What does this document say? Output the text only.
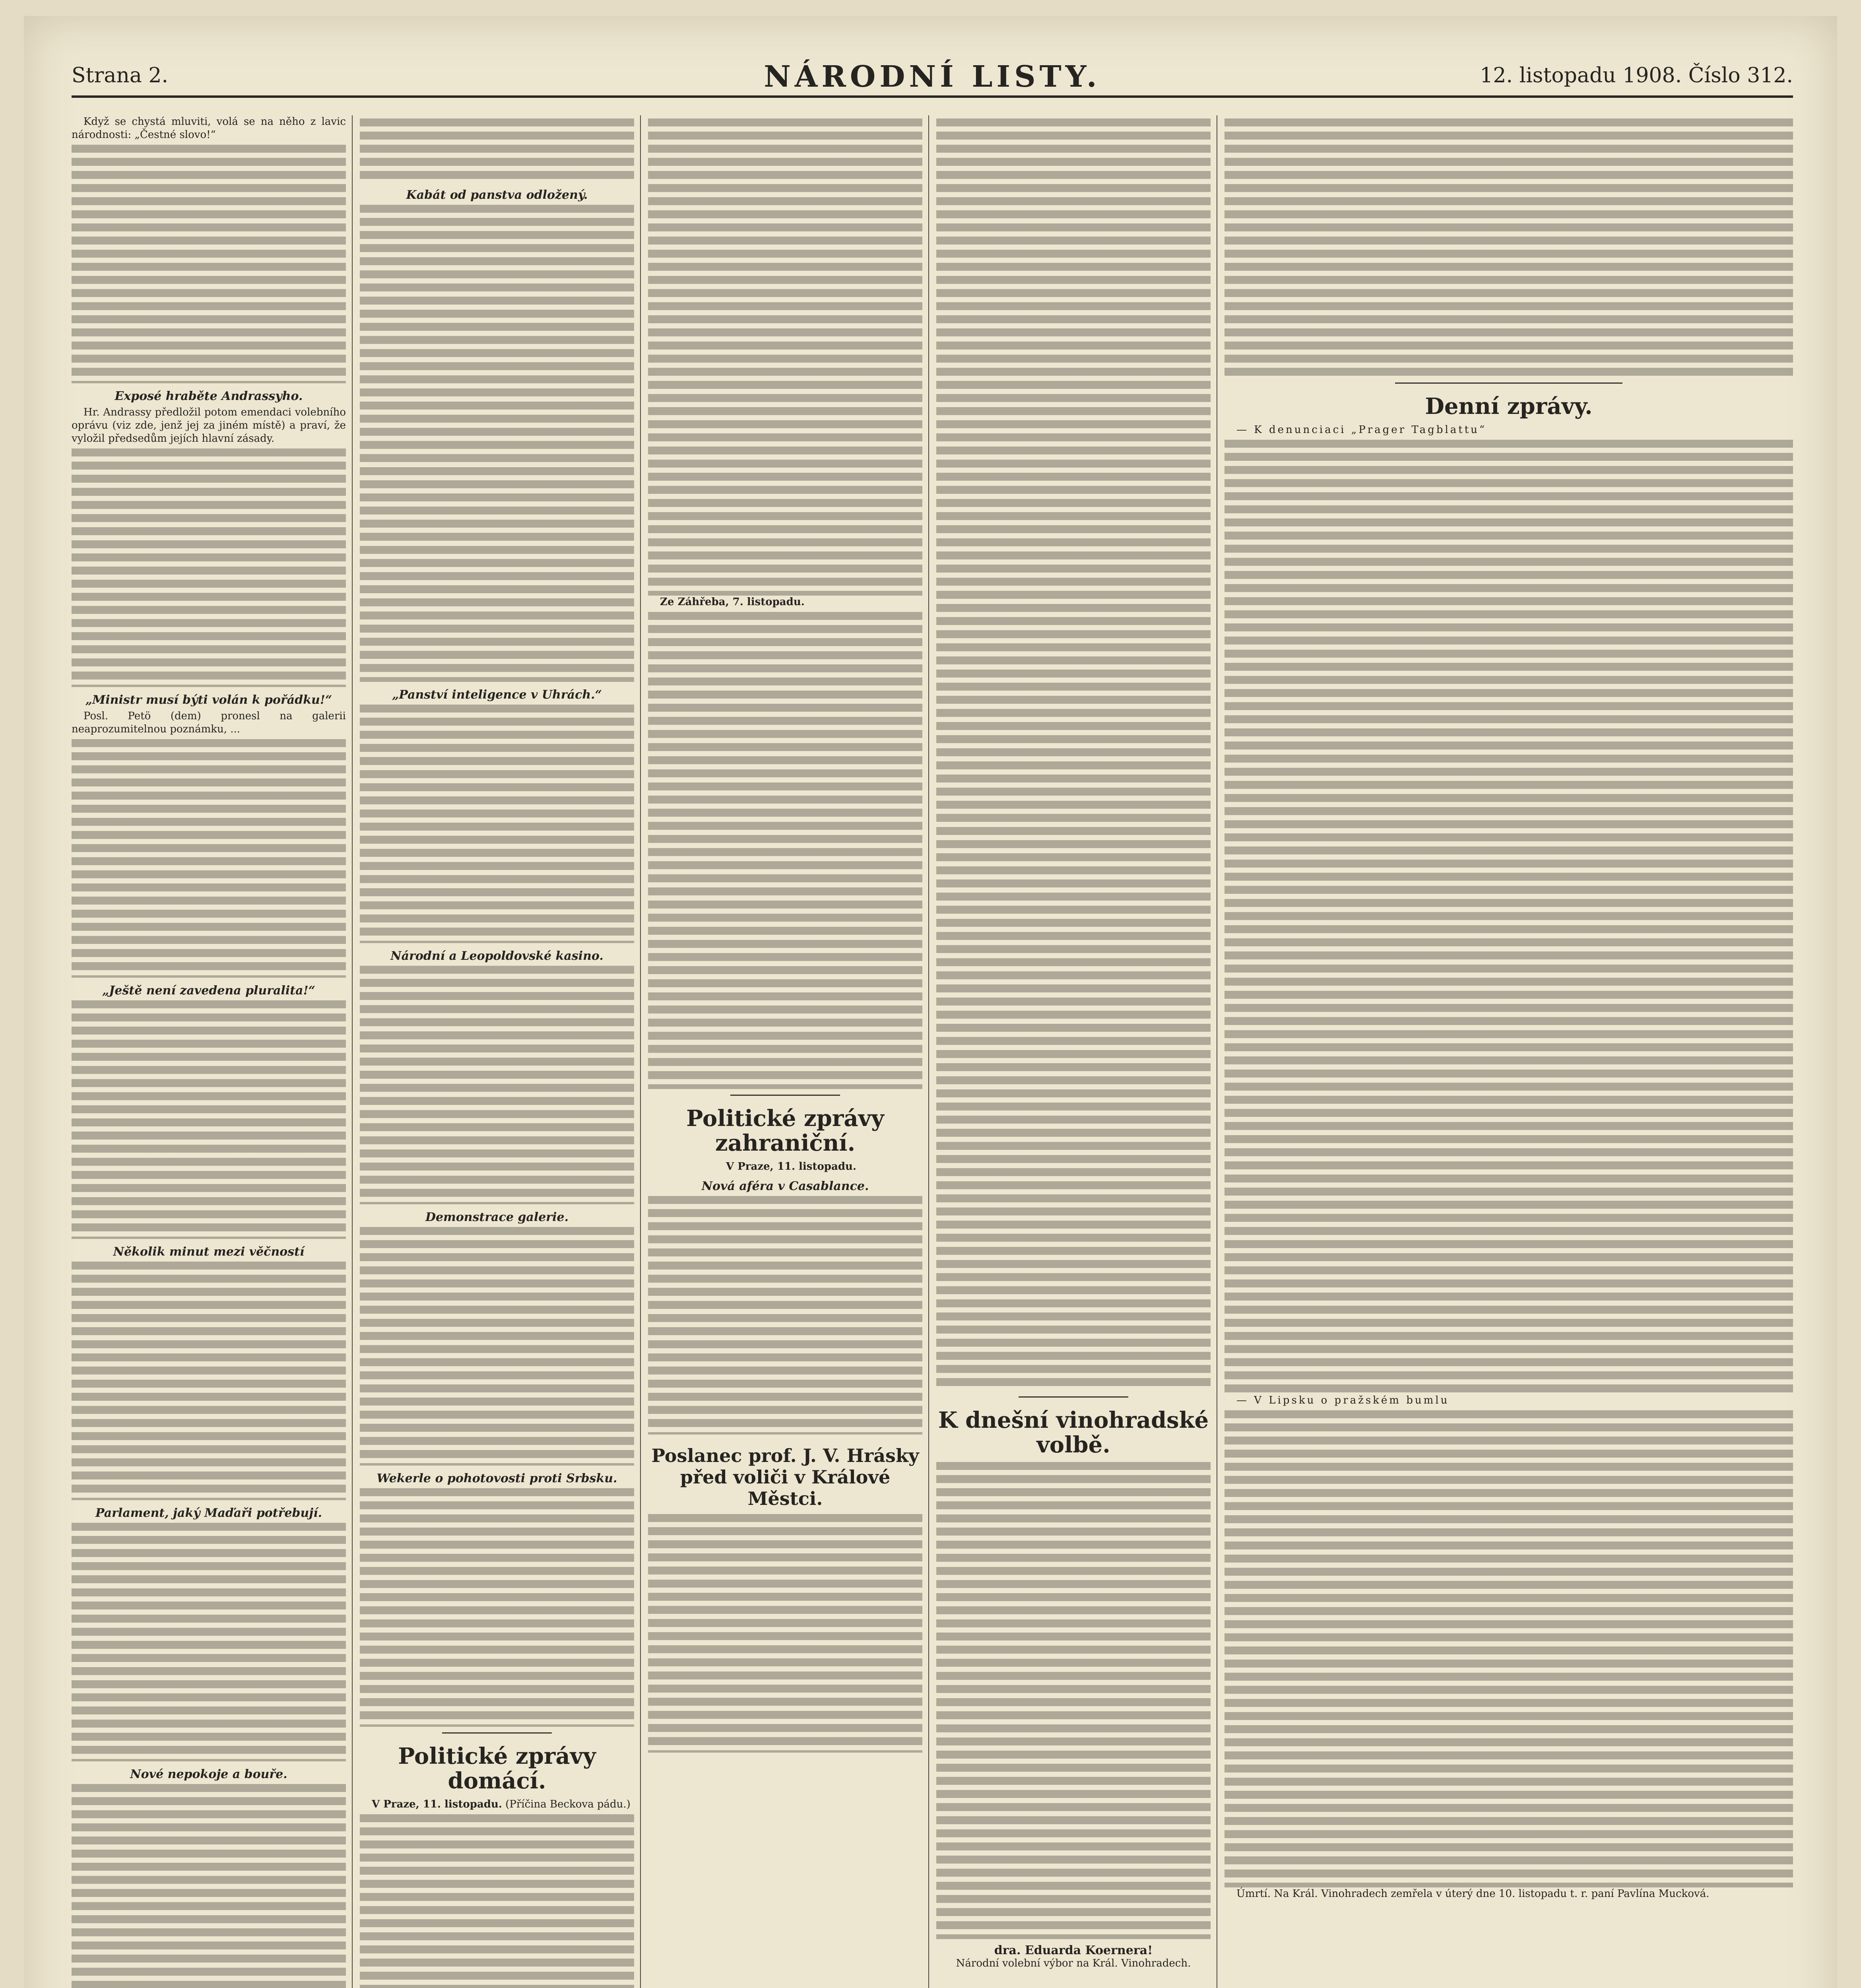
Strana 2.	NÁRODNÍ LISTY.	12. listopadu 1908. Číslo 312.

Když se chystá mluviti, volá se na něho z lavic národnosti: „Čestné slovo!“

Exposé hraběte Andrassyho.

Hr. Andrassy předložil potom emendaci volebního oprávu (viz zde, jenž jej za jiném místě) a praví, že vyložil předsedům jejích hlavní zásady.

„Ministr musí býti volán k pořádku!“

Posl. Petö (dem) pronesl na galerii neaprozumitelnou poznámku, ...

„Ještě není zavedena pluralita!“
Několik minut mezi věčností
Parlament, jaký Maďaři potřebují.
Nové nepokoje a bouře.
Kabát od panstva odložený.
„Panství inteligence v Uhrách.“
Národní a Leopoldovské kasino.
Demonstrace galerie.
Wekerle o pohotovosti proti Srbsku.
Politické zprávy domácí.

V Praze, 11. listopadu. (Příčina Beckova pádu.)

Ze Záhřeba, 7. listopadu.

Politické zprávy zahraniční.

V Praze, 11. listopadu.

Nová aféra v Casablance.
Poslanec prof. J. V. Hrásky před voliči v Králové Městci.
K dnešní vinohradské volbě.
dra. Eduarda Koernera!

Národní volební výbor na Král. Vinohradech.

Denní zprávy.

— K denunciaci „Prager Tagblattu“

— V Lipsku o pražském bumlu

Úmrtí. Na Král. Vinohradech zemřela v úterý dne 10. listopadu t. r. paní Pavlína Mucková.
